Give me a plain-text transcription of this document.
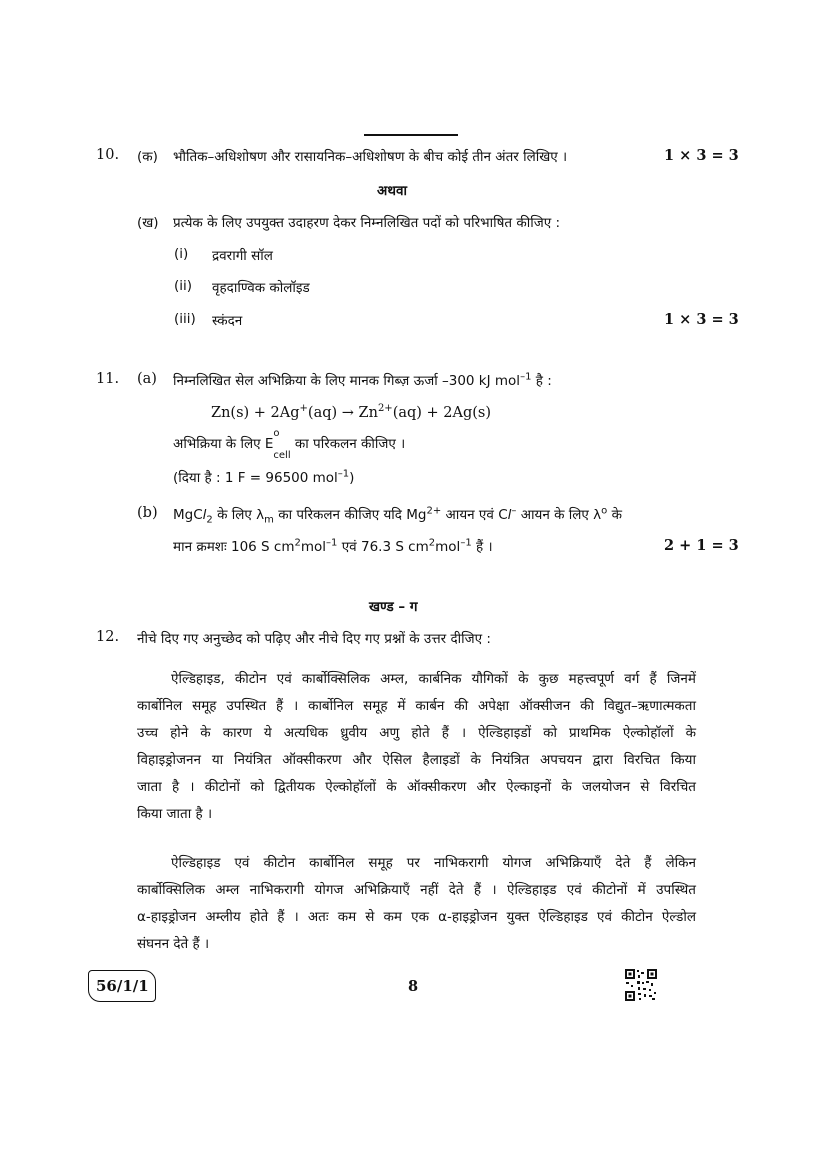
10. (क) भौतिक–अधिशोषण और रासायनिक–अधिशोषण के बीच कोई तीन अंतर लिखिए ।	1 × 3 = 3
अथवा
(ख) प्रत्येक के लिए उपयुक्त उदाहरण देकर निम्नलिखित पदों को परिभाषित कीजिए :
(i) द्रवरागी सॉल
(ii) वृहदाण्विक कोलॉइड
(iii) स्कंदन	1 × 3 = 3
11. (a) निम्नलिखित सेल अभिक्रिया के लिए मानक गिब्ज़ ऊर्जा –300 kJ mol$^{-1}$ है :
$Zn(s) + 2Ag^+(aq) \to Zn^{2+}(aq) + 2Ag(s)$
अभिक्रिया के लिए E
o
$_{cell}$ का परिकलन कीजिए ।
(दिया है : 1 F = 96500 mol$^{-1}$)
(b) MgCl$_2$ के लिए $\lambda_m$ का परिकलन कीजिए यदि $Mg^{2+}$ आयन एवं Cl– आयन के लिए $\lambda^o$ के
मान क्रमशः 106 S $cm^2mol^{-1}$ एवं 76.3 S $cm^2mol^{-1}$ हैं ।	2 + 1 = 3
खण्ड – ग
12. नीचे दिए गए अनुच्छेद को पढ़िए और नीचे दिए गए प्रश्नों के उत्तर दीजिए :
ऐल्डिहाइड, कीटोन एवं कार्बोक्सिलिक अम्ल, कार्बनिक यौगिकों के कुछ महत्त्वपूर्ण वर्ग हैं जिनमें
कार्बोनिल समूह उपस्थित हैं । कार्बोनिल समूह में कार्बन की अपेक्षा ऑक्सीजन की विद्युत–ऋणात्मकता
उच्च होने के कारण ये अत्यधिक ध्रुवीय अणु होते हैं । ऐल्डिहाइडों को प्राथमिक ऐल्कोहॉलों के
विहाइड्रोजनन या नियंत्रित ऑक्सीकरण और ऐसिल हैलाइडों के नियंत्रित अपचयन द्वारा विरचित किया
जाता है । कीटोनों को द्वितीयक ऐल्कोहॉलों के ऑक्सीकरण और ऐल्काइनों के जलयोजन से विरचित
किया जाता है ।
ऐल्डिहाइड एवं कीटोन कार्बोनिल समूह पर नाभिकरागी योगज अभिक्रियाएँ देते हैं लेकिन
कार्बोक्सिलिक अम्ल नाभिकरागी योगज अभिक्रियाएँ नहीं देते हैं । ऐल्डिहाइड एवं कीटोनों में उपस्थित
α-हाइड्रोजन अम्लीय होते हैं । अतः कम से कम एक α-हाइड्रोजन युक्त ऐल्डिहाइड एवं कीटोन ऐल्डोल
संघनन देते हैं ।
56/1/1	8
